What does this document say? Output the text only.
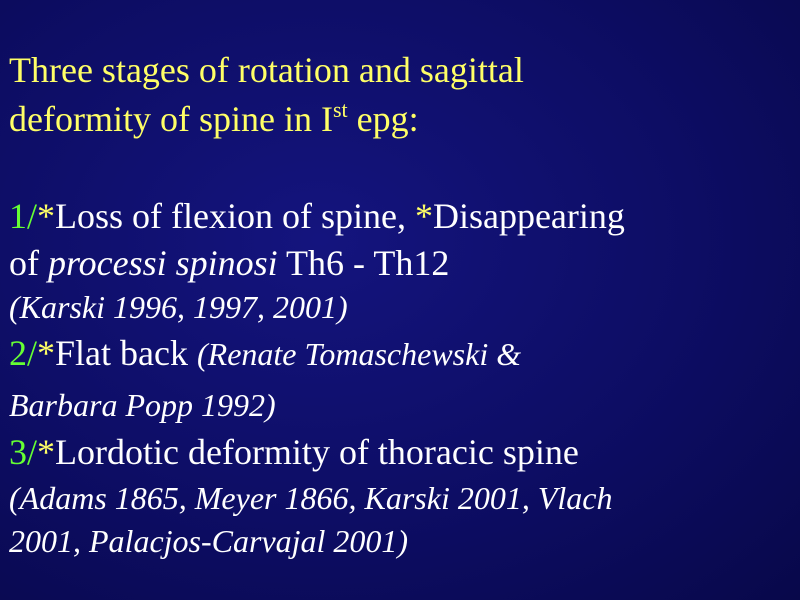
Three stages of rotation and sagittal
deformity of spine in Ist epg:
1/*Loss of flexion of spine, *Disappearing
of processi spinosi Th6 - Th12
(Karski 1996, 1997, 2001)
2/*Flat back (Renate Tomaschewski &
Barbara Popp 1992)
3/*Lordotic deformity of thoracic spine
(Adams 1865, Meyer 1866, Karski 2001, Vlach
2001, Palacjos-Carvajal 2001)
